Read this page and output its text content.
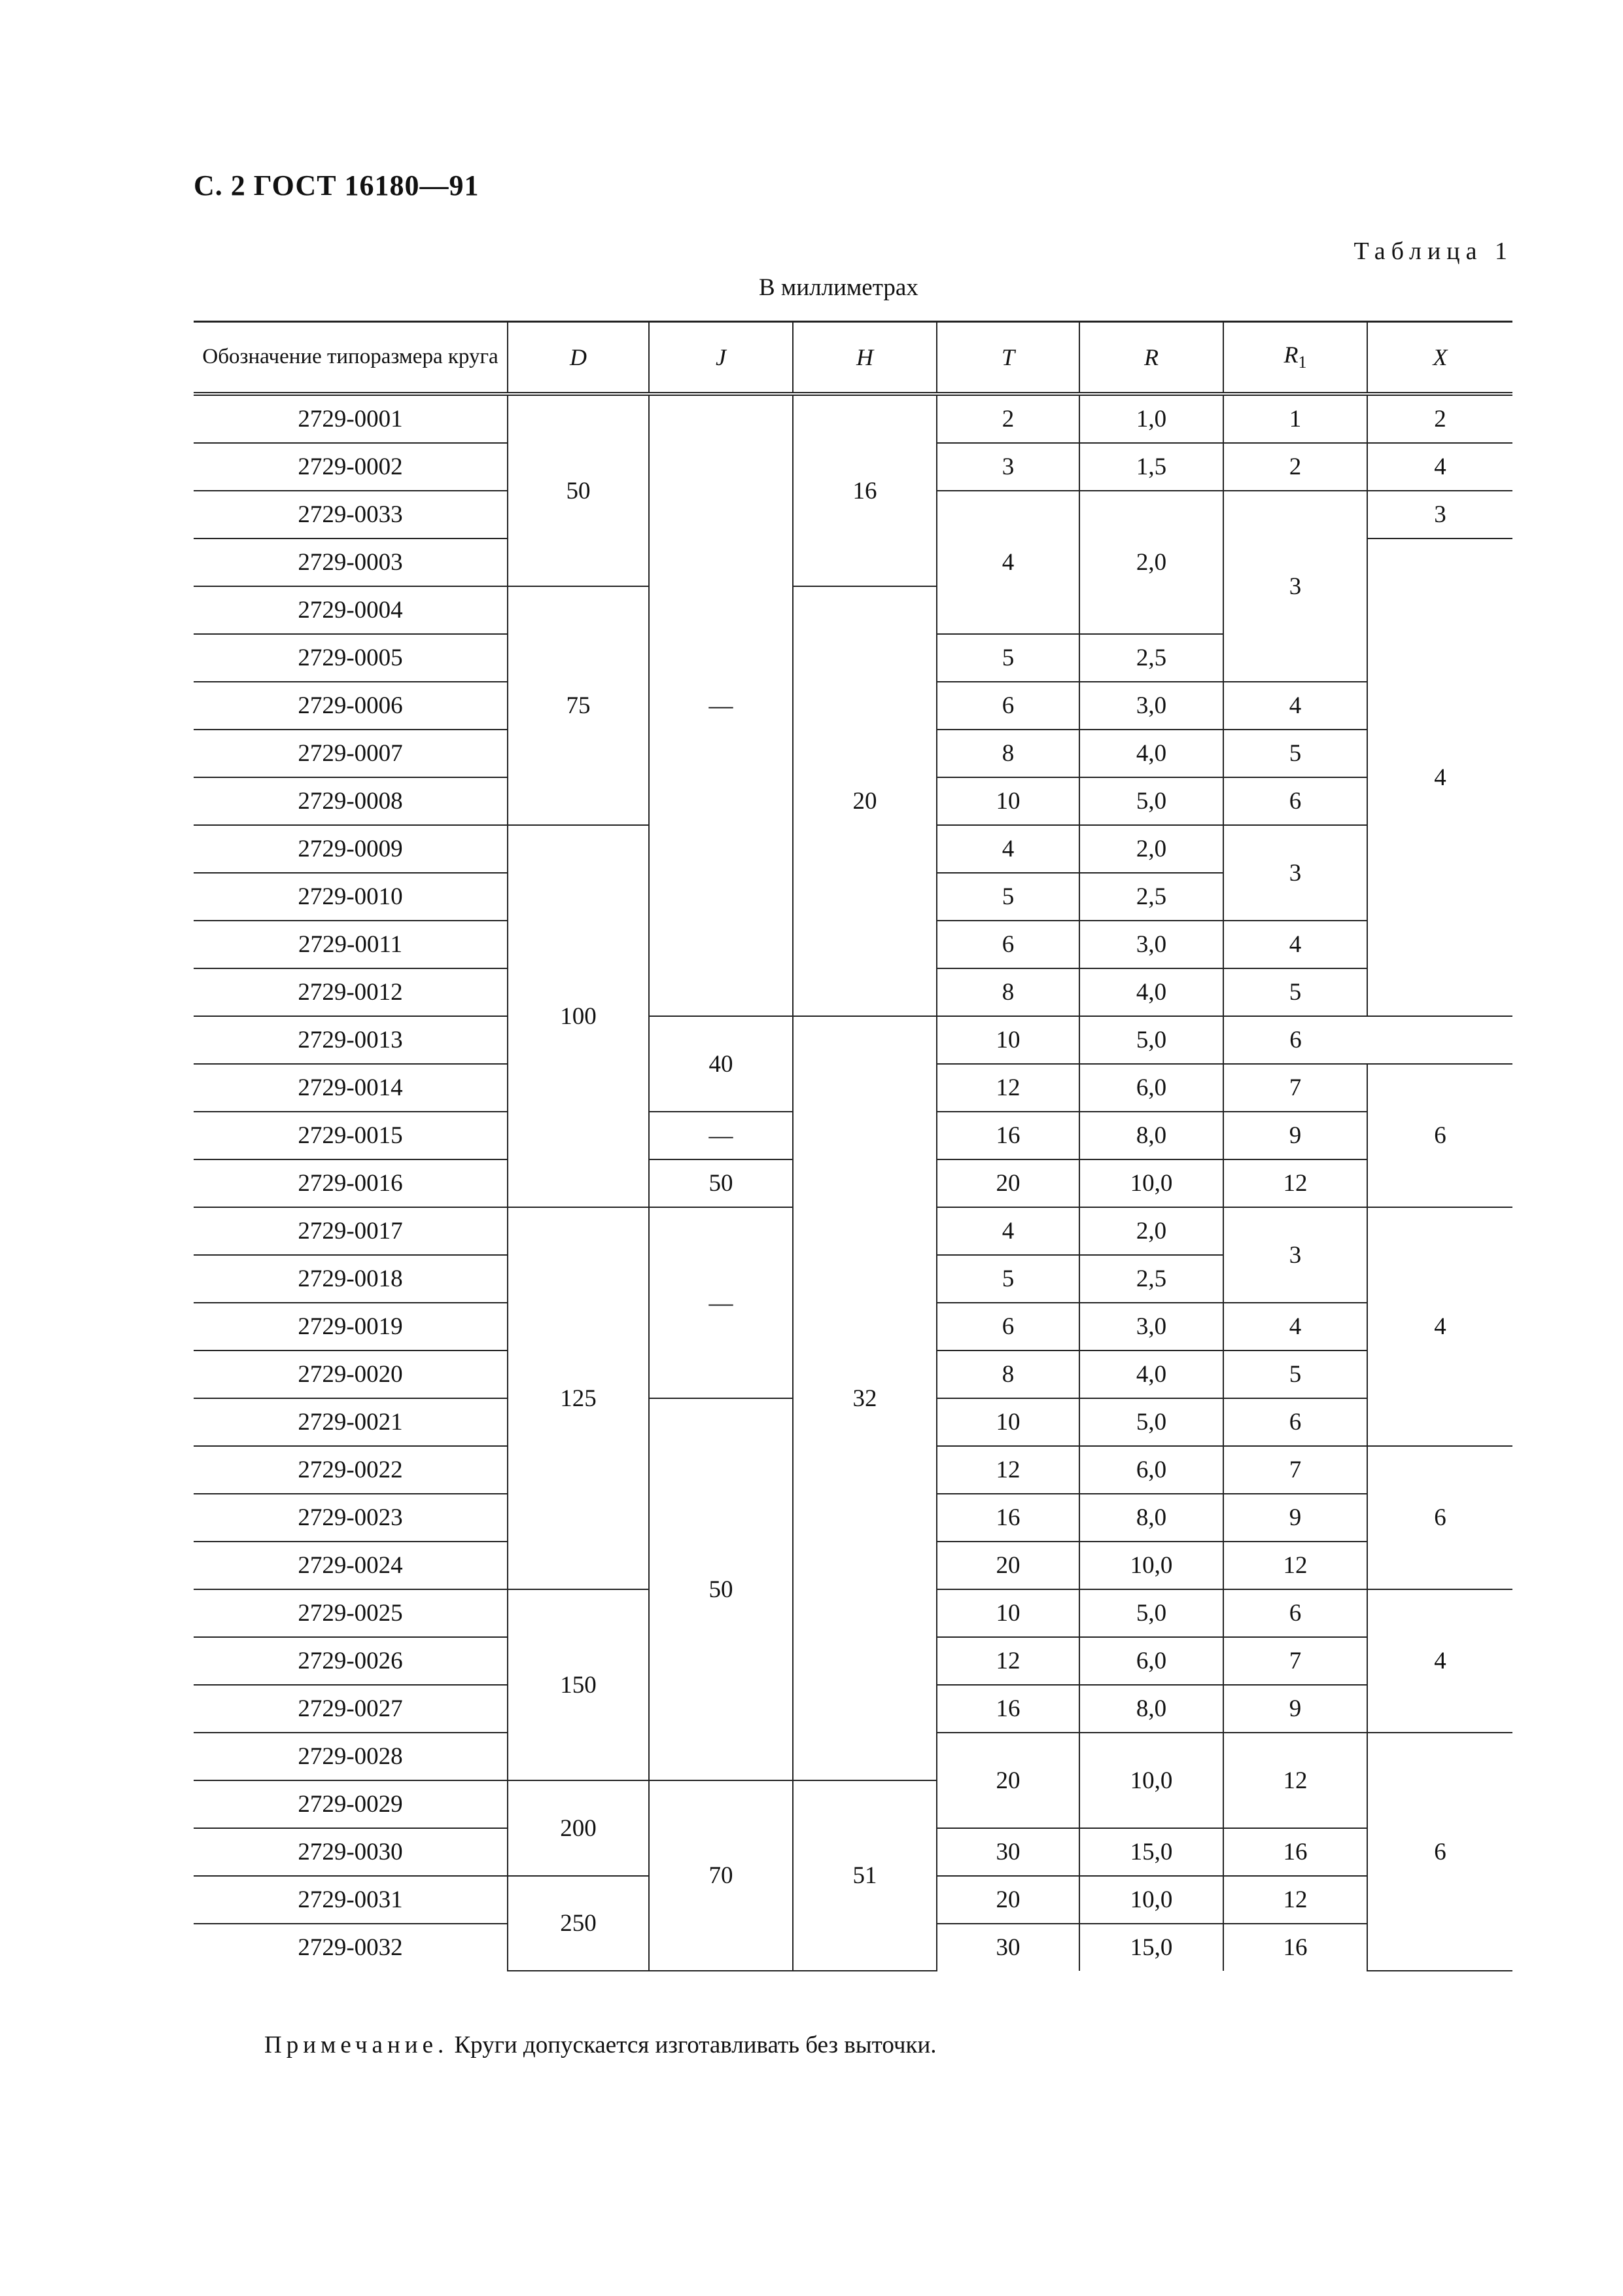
С. 2 ГОСТ 16180—91
Таблица 1
В миллиметрах
Обозначение типоразмера круга	D	J	H	T	R	$R_1$	X
2729-0001	50	—	16	2	1,0	1	2
2729-0002				3	1,5	2	4
2729-0033				4	2,0	3	3
2729-0003							4
2729-0004	75		20				
2729-0005				5	2,5		
2729-0006				6	3,0	4	
2729-0007				8	4,0	5	
2729-0008				10	5,0	6	
2729-0009	100			4	2,0	3	
2729-0010				5	2,5		
2729-0011				6	3,0	4	
2729-0012				8	4,0	5	
2729-0013		40	32	10	5,0	6	
2729-0014				12	6,0	7	6
2729-0015		—		16	8,0	9	
2729-0016		50		20	10,0	12	
2729-0017	125	—		4	2,0	3	4
2729-0018				5	2,5		
2729-0019				6	3,0	4	
2729-0020				8	4,0	5	
2729-0021		50		10	5,0	6	
2729-0022				12	6,0	7	6
2729-0023				16	8,0	9	
2729-0024				20	10,0	12	
2729-0025	150			10	5,0	6	4
2729-0026				12	6,0	7	
2729-0027				16	8,0	9	
2729-0028				20	10,0	12	6
2729-0029	200	70	51				
2729-0030				30	15,0	16	
2729-0031	250			20	10,0	12	
2729-0032				30	15,0	16	
Примечание. Круги допускается изготавливать без выточки.
